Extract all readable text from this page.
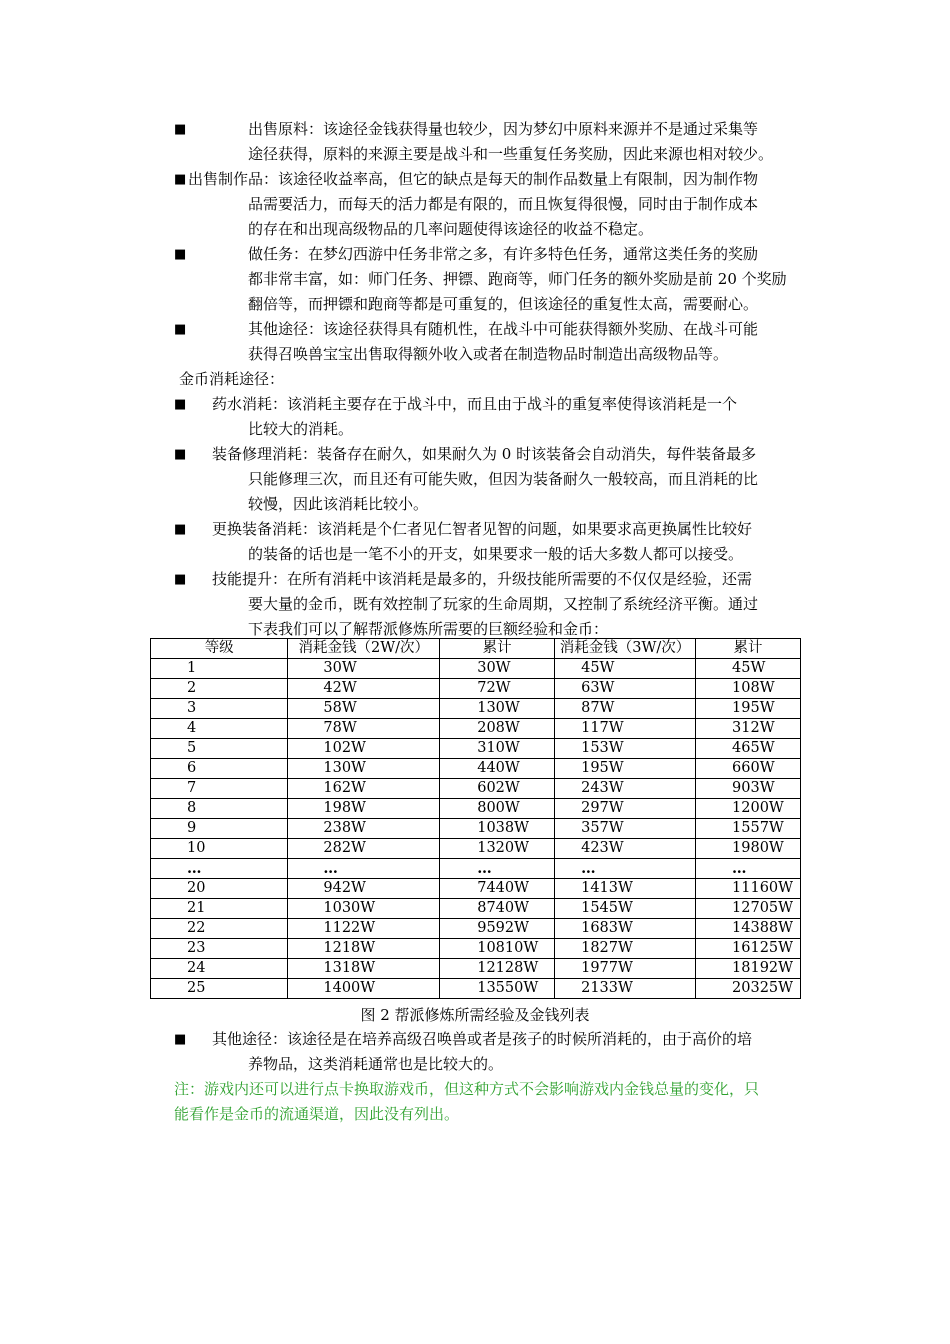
■	出售原料：该途径金钱获得量也较少，因为梦幻中原料来源并不是通过采集等
途径获得，原料的来源主要是战斗和一些重复任务奖励，因此来源也相对较少。
■ 出售制作品：该途径收益率高，但它的缺点是每天的制作品数量上有限制，因为制作物
品需要活力，而每天的活力都是有限的，而且恢复得很慢，同时由于制作成本
的存在和出现高级物品的几率问题使得该途径的收益不稳定。
■	做任务：在梦幻西游中任务非常之多，有许多特色任务，通常这类任务的奖励
都非常丰富，如：师门任务、押镖、跑商等，师门任务的额外奖励是前 20 个奖励
翻倍等，而押镖和跑商等都是可重复的，但该途径的重复性太高，需要耐心。
■	其他途径：该途径获得具有随机性，在战斗中可能获得额外奖励、在战斗可能
获得召唤兽宝宝出售取得额外收入或者在制造物品时制造出高级物品等。
金币消耗途径：
■ 药水消耗：该消耗主要存在于战斗中，而且由于战斗的重复率使得该消耗是一个
比较大的消耗。
■ 装备修理消耗：装备存在耐久，如果耐久为 0 时该装备会自动消失，每件装备最多
只能修理三次，而且还有可能失败，但因为装备耐久一般较高，而且消耗的比
较慢，因此该消耗比较小。
■ 更换装备消耗：该消耗是个仁者见仁智者见智的问题，如果要求高更换属性比较好
的装备的话也是一笔不小的开支，如果要求一般的话大多数人都可以接受。
■ 技能提升：在所有消耗中该消耗是最多的，升级技能所需要的不仅仅是经验，还需
要大量的金币，既有效控制了玩家的生命周期，又控制了系统经济平衡。通过
下表我们可以了解帮派修炼所需要的巨额经验和金币：
等级	消耗金钱（2W/次）	累计	消耗金钱（3W/次）	累计
1	30W	30W	45W	45W
2	42W	72W	63W	108W
3	58W	130W	87W	195W
4	78W	208W	117W	312W
5	102W	310W	153W	465W
6	130W	440W	195W	660W
7	162W	602W	243W	903W
8	198W	800W	297W	1200W
9	238W	1038W	357W	1557W
10	282W	1320W	423W	1980W
…	…	…	…	…
20	942W	7440W	1413W	11160W
21	1030W	8740W	1545W	12705W
22	1122W	9592W	1683W	14388W
23	1218W	10810W	1827W	16125W
24	1318W	12128W	1977W	18192W
25	1400W	13550W	2133W	20325W
图 2 帮派修炼所需经验及金钱列表
■ 其他途径：该途径是在培养高级召唤兽或者是孩子的时候所消耗的，由于高价的培
养物品，这类消耗通常也是比较大的。
注：游戏内还可以进行点卡换取游戏币，但这种方式不会影响游戏内金钱总量的变化，只
能看作是金币的流通渠道，因此没有列出。
